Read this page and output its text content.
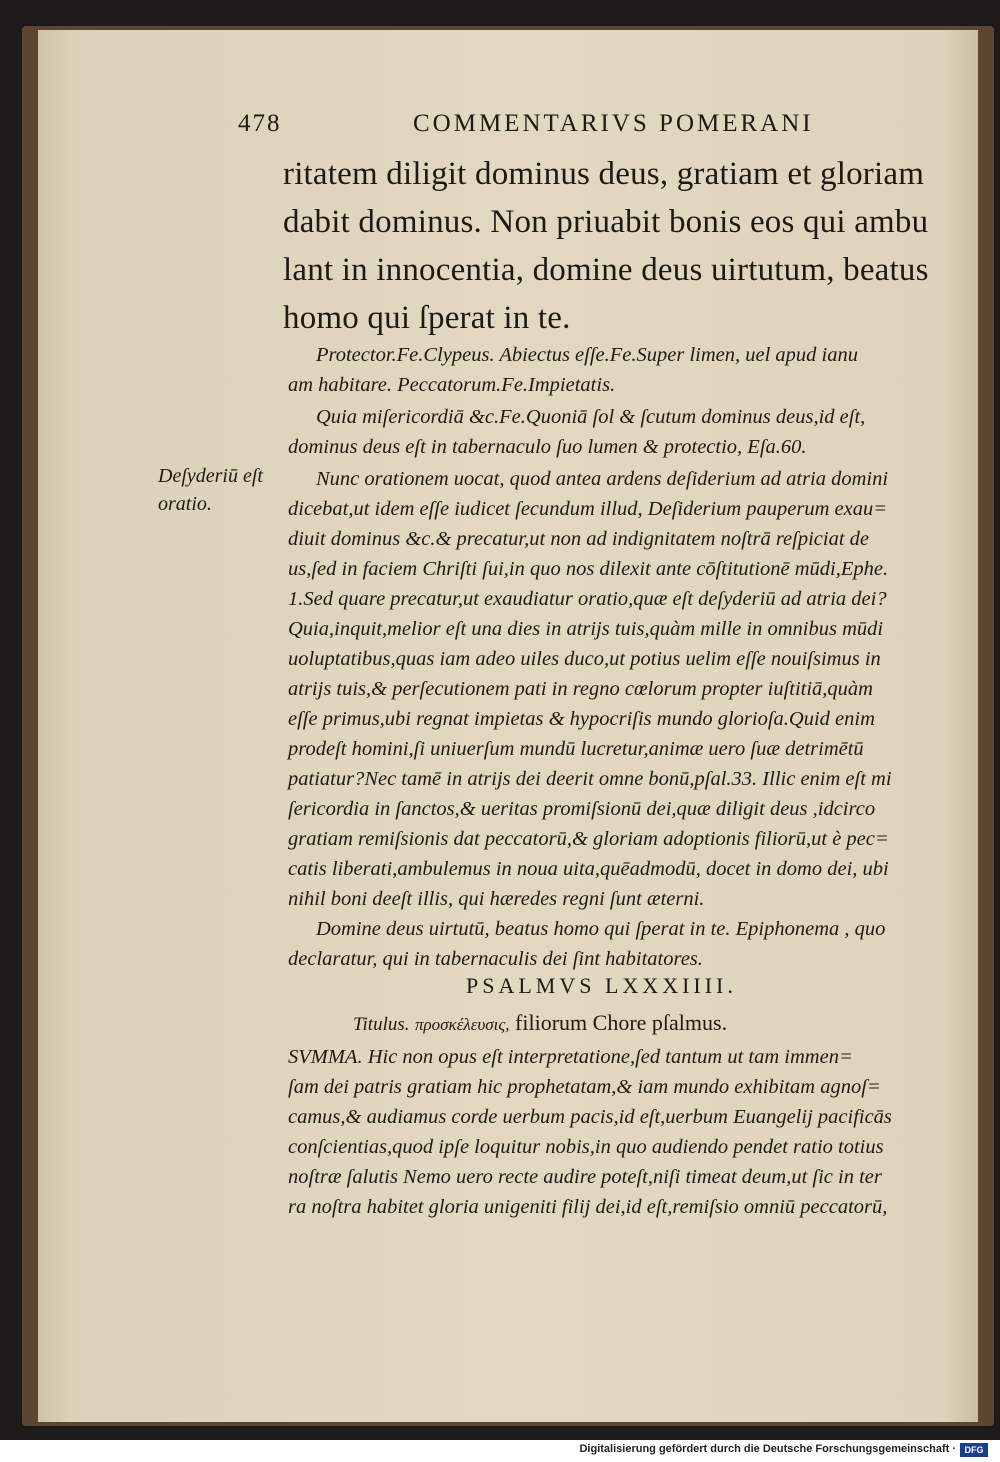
478	COMMENTARIVS POMERANI
ritatem diligit dominus deus, gratiam et gloriam
dabit dominus. Non priuabit bonis eos qui ambu
lant in innocentia, domine deus uirtutum, beatus
homo qui ſperat in te.
Protector.Fe.Clypeus. Abiectus eſſe.Fe.Super limen, uel apud ianu
am habitare. Peccatorum.Fe.Impietatis.
Quia miſericordiā &c.Fe.Quoniā ſol & ſcutum dominus deus,id eſt,
dominus deus eſt in tabernaculo ſuo lumen & protectio, Eſa.60.
Nunc orationem uocat, quod antea ardens deſiderium ad atria domini
dicebat,ut idem eſſe iudicet ſecundum illud, Deſiderium pauperum exau=
diuit dominus &c.& precatur,ut non ad indignitatem noſtrā reſpiciat de
us,ſed in faciem Chriſti ſui,in quo nos dilexit ante cōſtitutionē mūdi,Ephe.
1.Sed quare precatur,ut exaudiatur oratio,quæ eſt deſyderiū ad atria dei?
Quia,inquit,melior eſt una dies in atrijs tuis,quàm mille in omnibus mūdi
uoluptatibus,quas iam adeo uiles duco,ut potius uelim eſſe nouiſsimus in
atrijs tuis,& perſecutionem pati in regno cœlorum propter iuſtitiā,quàm
eſſe primus,ubi regnat impietas & hypocriſis mundo glorioſa.Quid enim
prodeſt homini,ſi uniuerſum mundū lucretur,animæ uero ſuæ detrimētū
patiatur?Nec tamē in atrijs dei deerit omne bonū,pſal.33. Illic enim eſt mi
ſericordia in ſanctos,& ueritas promiſsionū dei,quæ diligit deus ,idcirco
gratiam remiſsionis dat peccatorū,& gloriam adoptionis filiorū,ut è pec=
catis liberati,ambulemus in noua uita,quēadmodū, docet in domo dei, ubi
nihil boni deeſt illis, qui hæredes regni ſunt æterni.
Domine deus uirtutū, beatus homo qui ſperat in te. Epiphonema , quo
declaratur, qui in tabernaculis dei ſint habitatores.
Deſyderiū eſt
oratio.
PSALMVS LXXXIIII.
Titulus. προσκέλευσις, filiorum Chore pſalmus.
SVMMA. Hic non opus eſt interpretatione,ſed tantum ut tam immen=
ſam dei patris gratiam hic prophetatam,& iam mundo exhibitam agnoſ=
camus,& audiamus corde uerbum pacis,id eſt,uerbum Euangelij pacificās
conſcientias,quod ipſe loquitur nobis,in quo audiendo pendet ratio totius
noſtræ ſalutis Nemo uero recte audire poteſt,niſi timeat deum,ut ſic in ter
ra noſtra habitet gloria unigeniti filij dei,id eſt,remiſsio omniū peccatorū,
Digitalisierung gefördert durch die Deutsche Forschungsgemeinschaft · DFG
